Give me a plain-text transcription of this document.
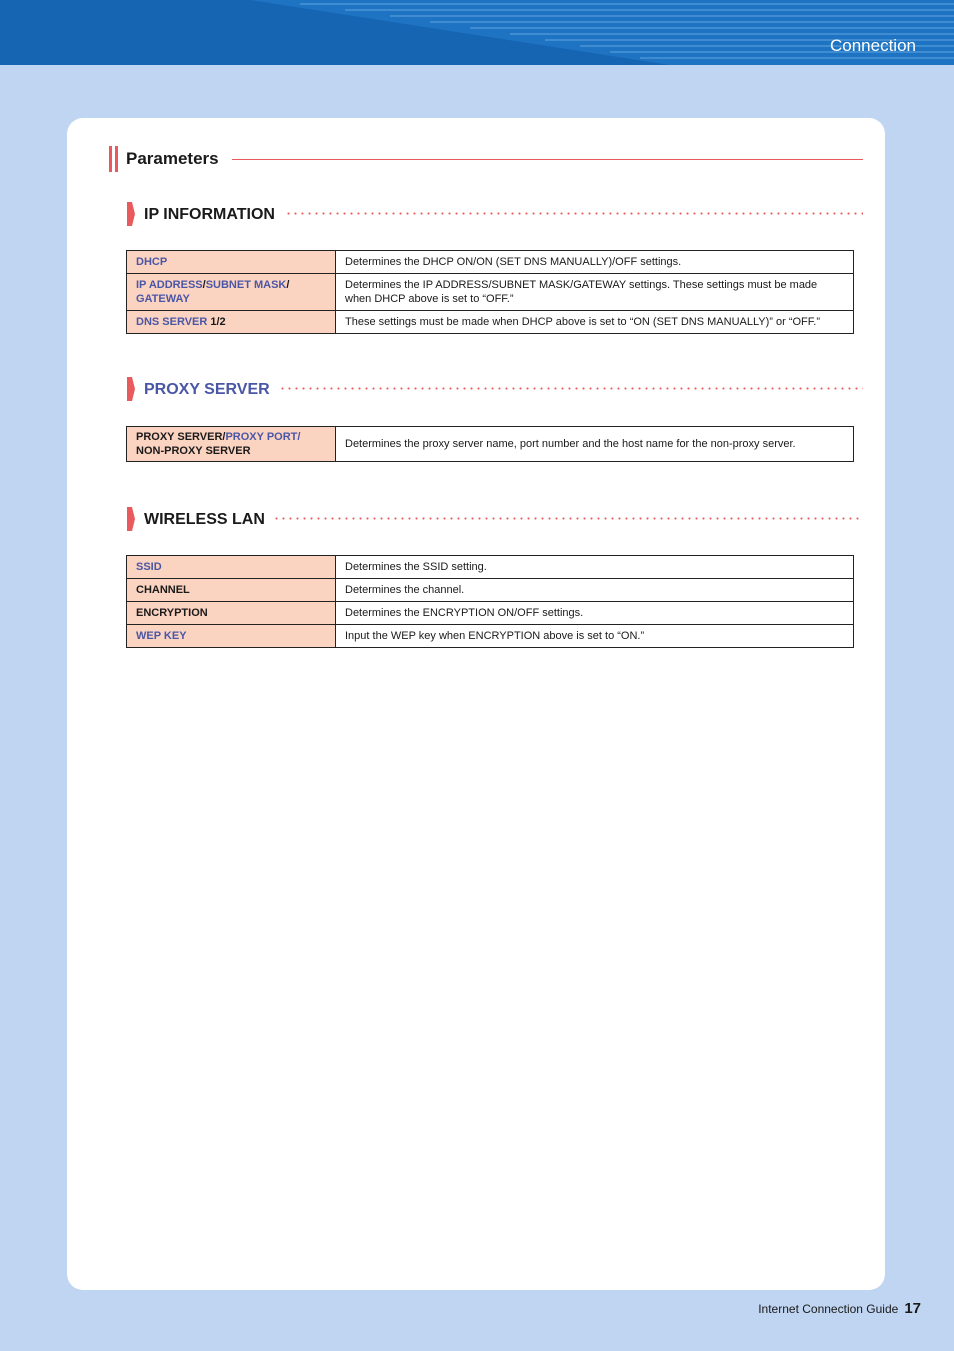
Connection
Parameters
IP INFORMATION
DHCP	Determines the DHCP ON/ON (SET DNS MANUALLY)/OFF settings.
IP ADDRESS/SUBNET MASK/
GATEWAY	Determines the IP ADDRESS/SUBNET MASK/GATEWAY settings. These settings must be made when DHCP above is set to “OFF.”
DNS SERVER 1/2	These settings must be made when DHCP above is set to “ON (SET DNS MANUALLY)” or “OFF.”
PROXY SERVER
PROXY SERVER/PROXY PORT/
NON-PROXY SERVER	Determines the proxy server name, port number and the host name for the non-proxy server.
WIRELESS LAN
SSID	Determines the SSID setting.
CHANNEL	Determines the channel.
ENCRYPTION	Determines the ENCRYPTION ON/OFF settings.
WEP KEY	Input the WEP key when ENCRYPTION above is set to “ON.”
Internet Connection Guide 17
